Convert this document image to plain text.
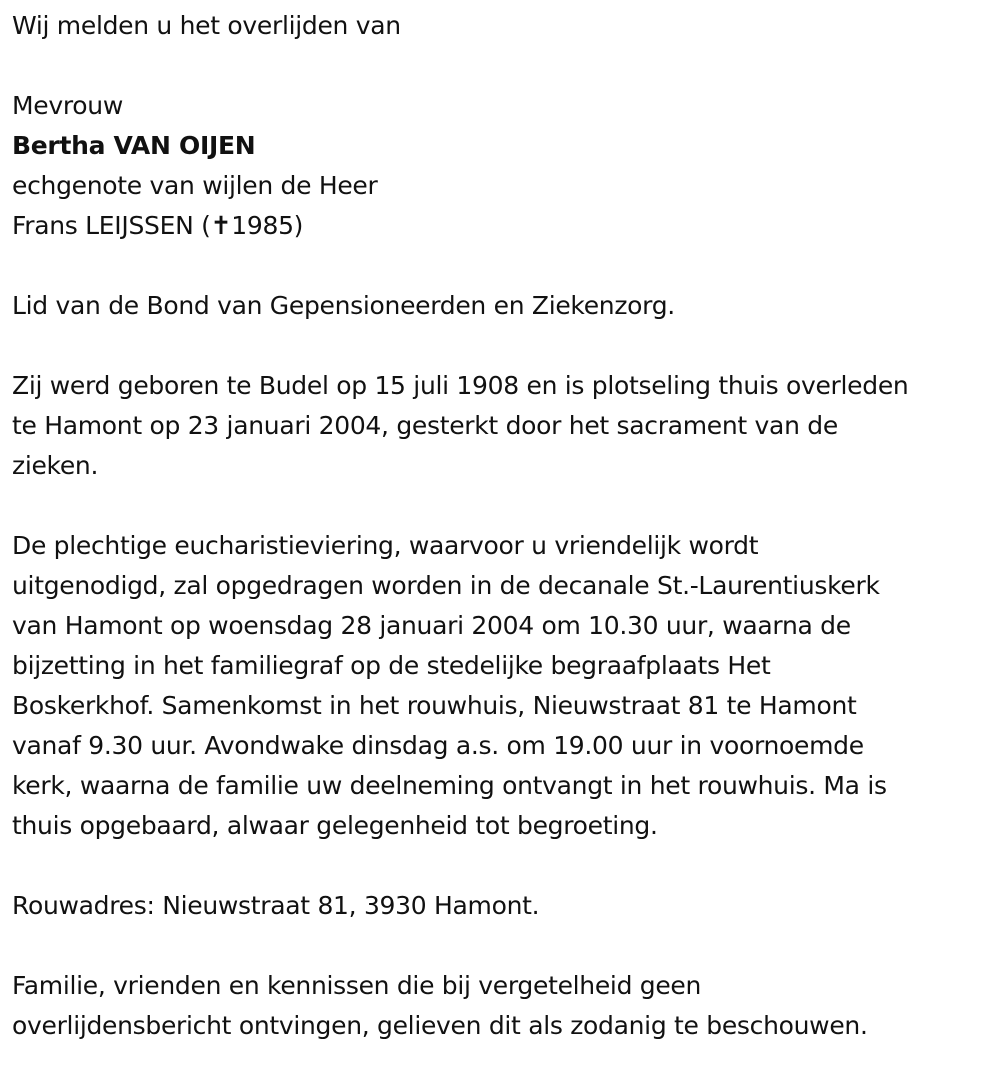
Wij melden u het overlijden van
Mevrouw
Bertha VAN OIJEN
echgenote van wijlen de Heer
Frans LEIJSSEN (✝1985)
Lid van de Bond van Gepensioneerden en Ziekenzorg.
Zij werd geboren te Budel op 15 juli 1908 en is plotseling thuis overleden
te Hamont op 23 januari 2004, gesterkt door het sacrament van de
zieken.
De plechtige eucharistieviering, waarvoor u vriendelijk wordt
uitgenodigd, zal opgedragen worden in de decanale St.-Laurentiuskerk
van Hamont op woensdag 28 januari 2004 om 10.30 uur, waarna de
bijzetting in het familiegraf op de stedelijke begraafplaats Het
Boskerkhof. Samenkomst in het rouwhuis, Nieuwstraat 81 te Hamont
vanaf 9.30 uur. Avondwake dinsdag a.s. om 19.00 uur in voornoemde
kerk, waarna de familie uw deelneming ontvangt in het rouwhuis. Ma is
thuis opgebaard, alwaar gelegenheid tot begroeting.
Rouwadres: Nieuwstraat 81, 3930 Hamont.
Familie, vrienden en kennissen die bij vergetelheid geen
overlijdensbericht ontvingen, gelieven dit als zodanig te beschouwen.
